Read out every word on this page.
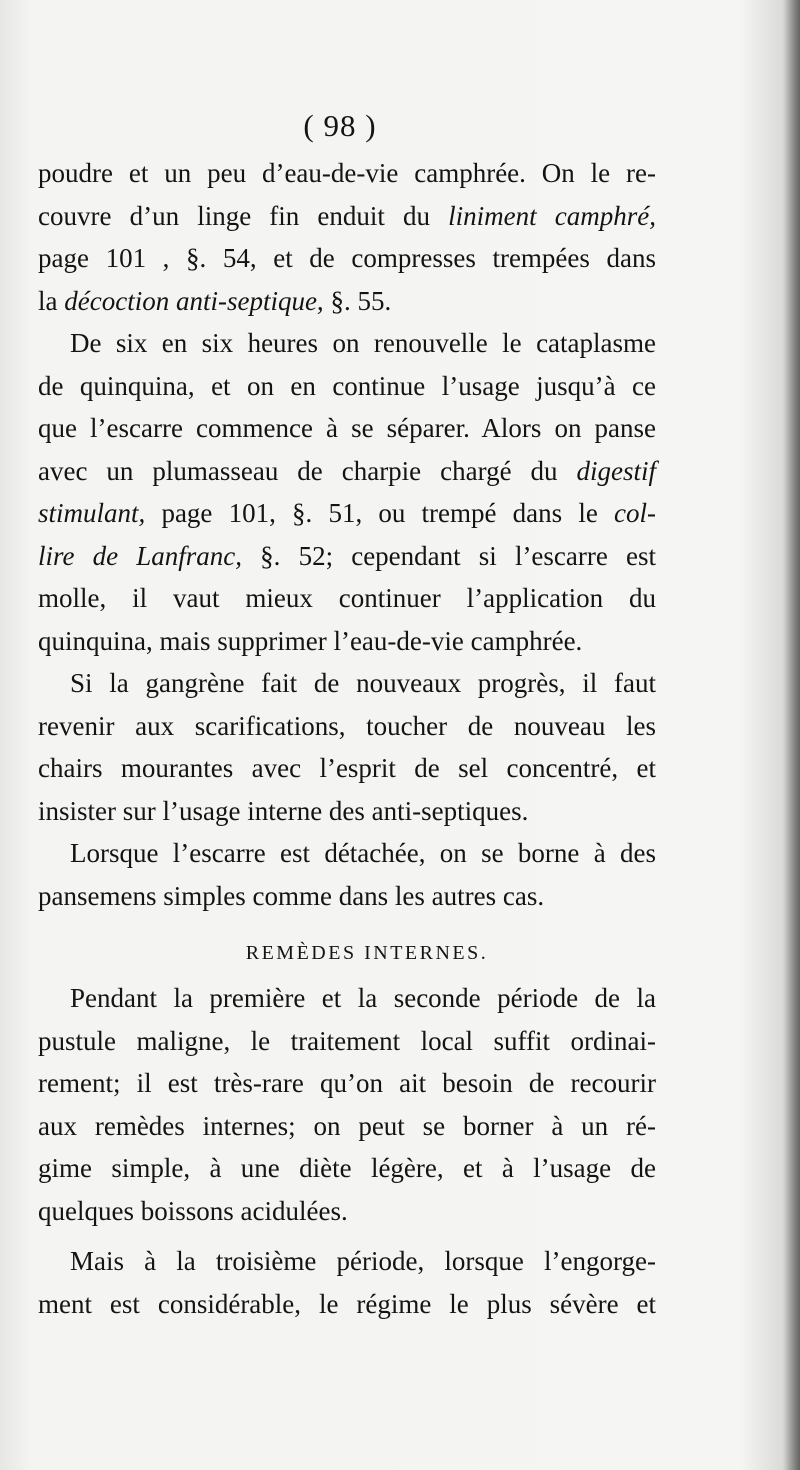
( 98 )

poudre et un peu d’eau-de-vie camphrée. On le re-

couvre d’un linge fin enduit du liniment camphré,

page 101 , §. 54, et de compresses trempées dans

la décoction anti-septique, §. 55.

De six en six heures on renouvelle le cataplasme

de quinquina, et on en continue l’usage jusqu’à ce

que l’escarre commence à se séparer. Alors on panse

avec un plumasseau de charpie chargé du digestif

stimulant, page 101, §. 51, ou trempé dans le col-

lire de Lanfranc, §. 52; cependant si l’escarre est

molle, il vaut mieux continuer l’application du

quinquina, mais supprimer l’eau-de-vie camphrée.

Si la gangrène fait de nouveaux progrès, il faut

revenir aux scarifications, toucher de nouveau les

chairs mourantes avec l’esprit de sel concentré, et

insister sur l’usage interne des anti-septiques.

Lorsque l’escarre est détachée, on se borne à des

pansemens simples comme dans les autres cas.

REMÈDES INTERNES.

Pendant la première et la seconde période de la

pustule maligne, le traitement local suffit ordinai-

rement; il est très-rare qu’on ait besoin de recourir

aux remèdes internes; on peut se borner à un ré-

gime simple, à une diète légère, et à l’usage de

quelques boissons acidulées.

Mais à la troisième période, lorsque l’engorge-

ment est considérable, le régime le plus sévère et
